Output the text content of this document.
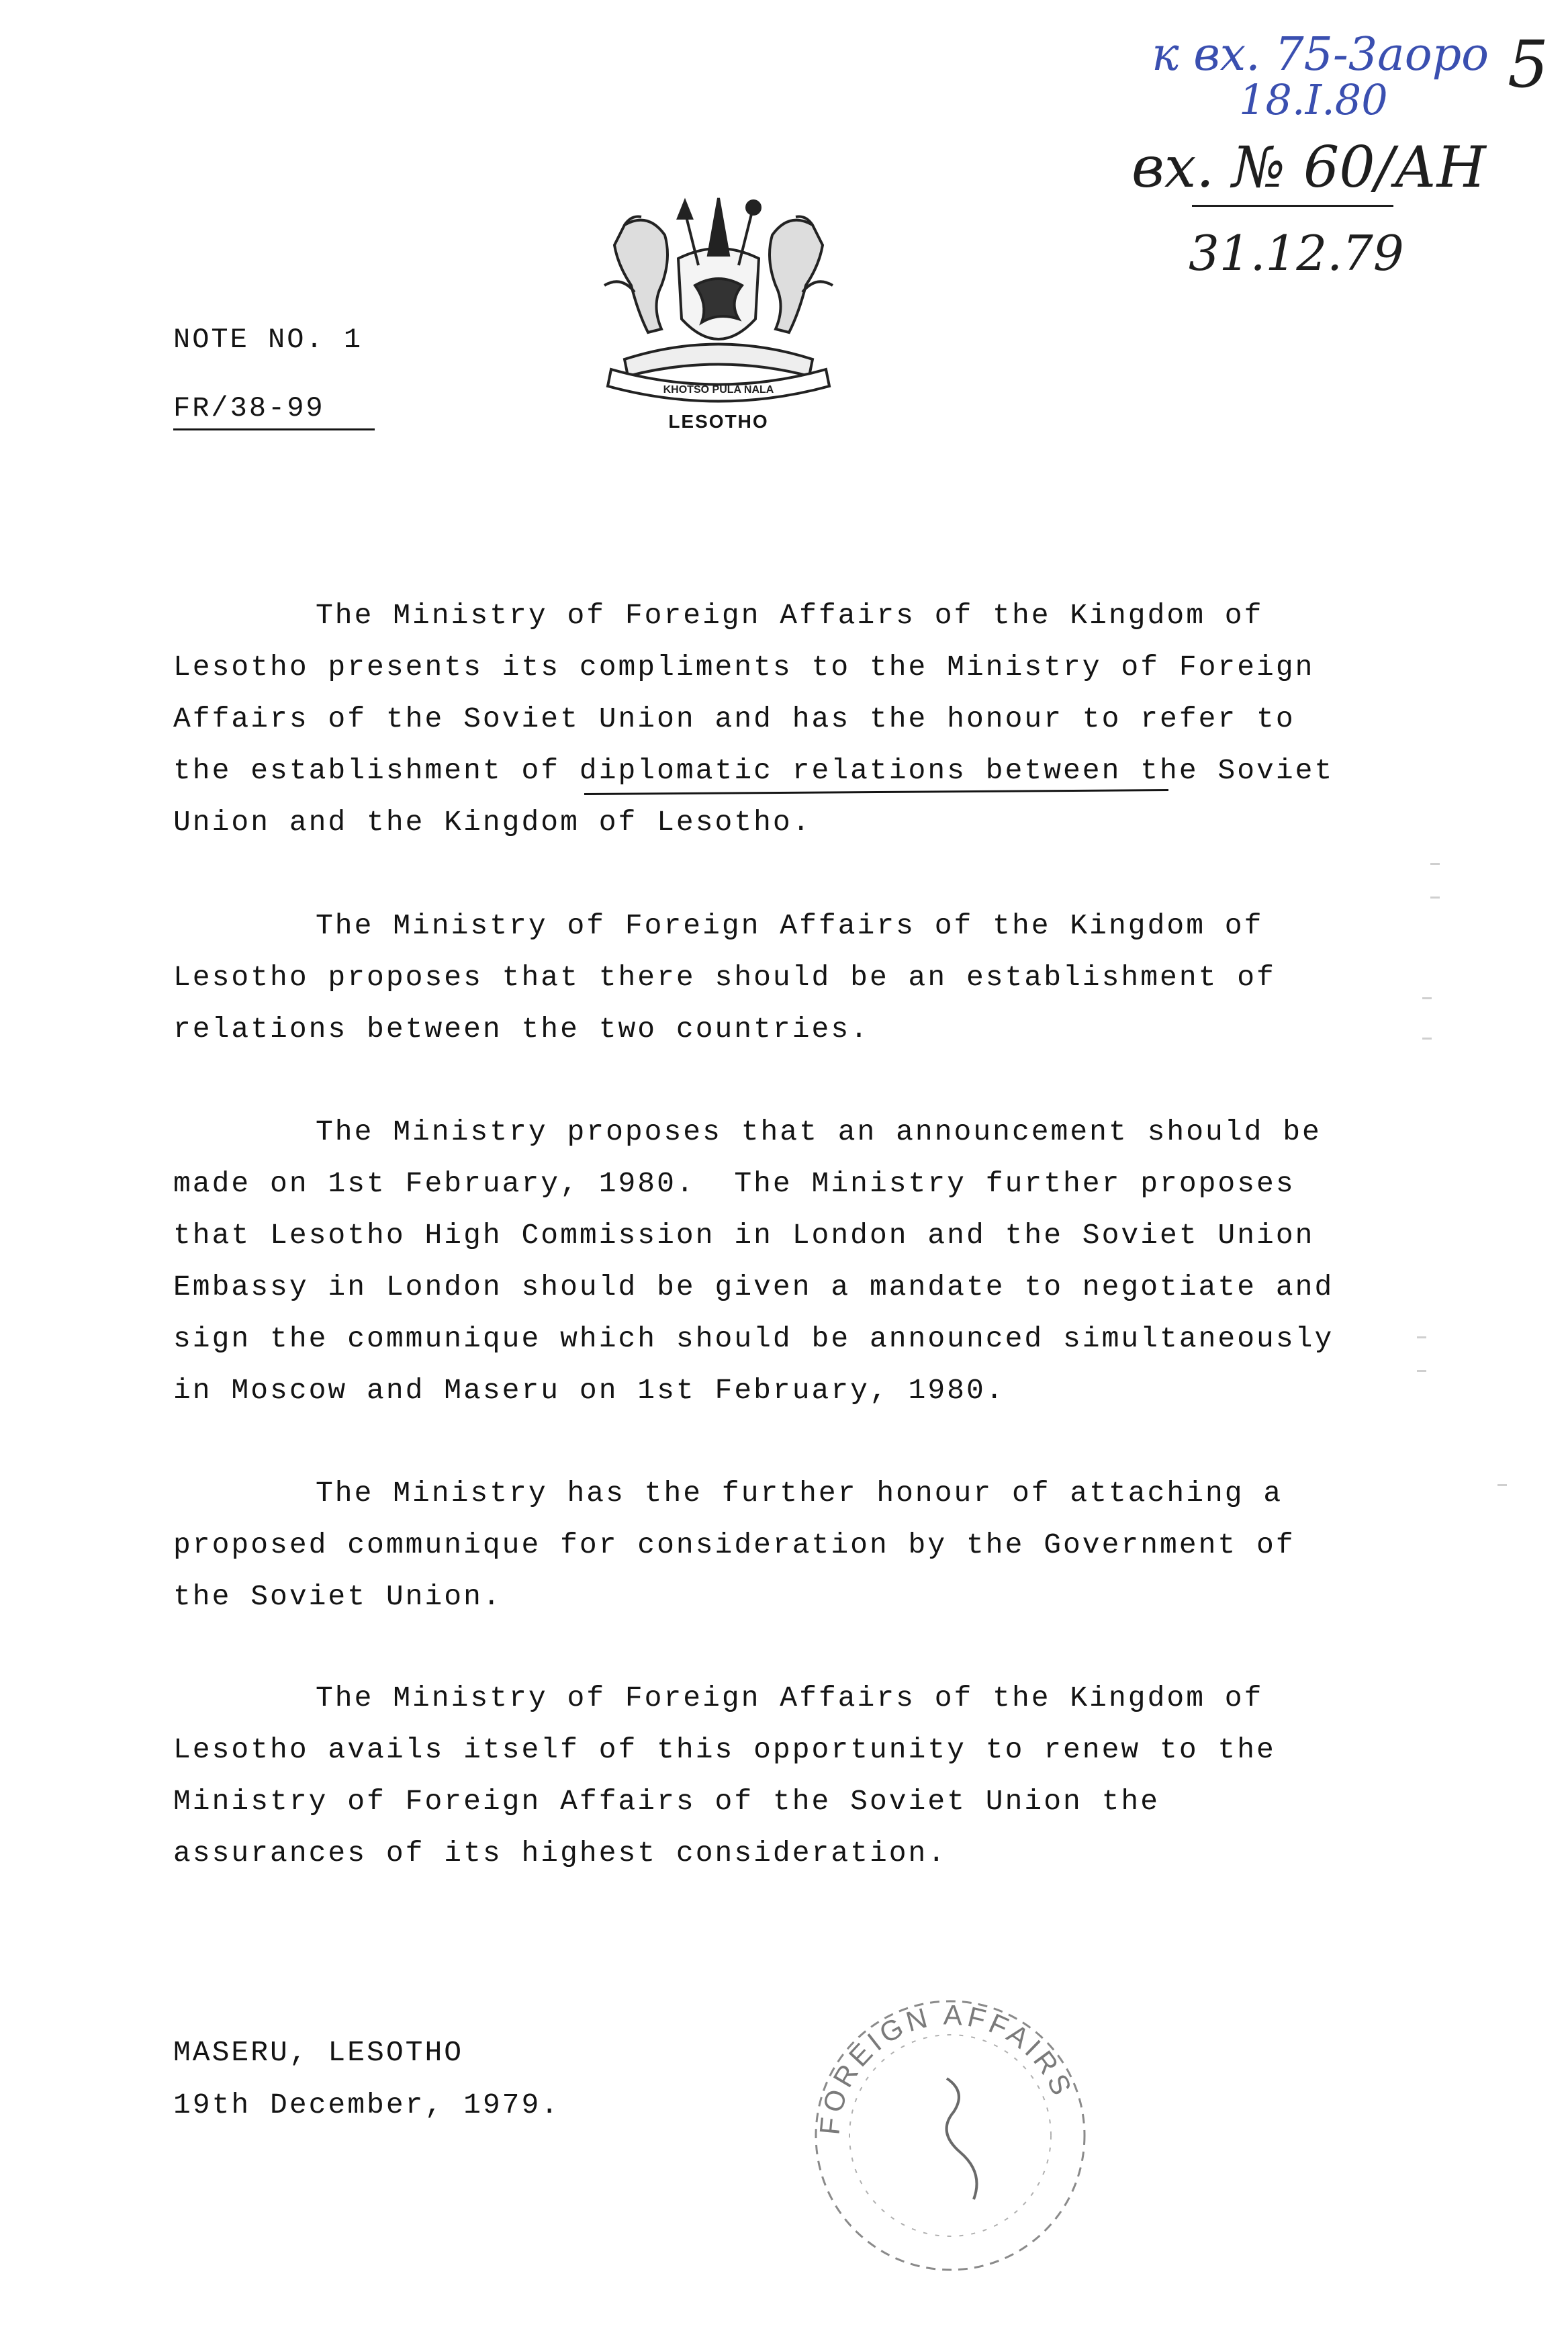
к вх. 75-3аоро
18.I.80
вх. № 60/АН
31.12.79
5
KHOTSO PULA NALA
LESOTHO
NOTE NO. 1
FR/38-99
The Ministry of Foreign Affairs of the Kingdom of
Lesotho presents its compliments to the Ministry of Foreign
Affairs of the Soviet Union and has the honour to refer to
the establishment of diplomatic relations between the Soviet
Union and the Kingdom of Lesotho.
The Ministry of Foreign Affairs of the Kingdom of
Lesotho proposes that there should be an establishment of
relations between the two countries.
The Ministry proposes that an announcement should be
made on 1st February, 1980.  The Ministry further proposes
that Lesotho High Commission in London and the Soviet Union
Embassy in London should be given a mandate to negotiate and
sign the communique which should be announced simultaneously
in Moscow and Maseru on 1st February, 1980.
The Ministry has the further honour of attaching a
proposed communique for consideration by the Government of
the Soviet Union.
The Ministry of Foreign Affairs of the Kingdom of
Lesotho avails itself of this opportunity to renew to the
Ministry of Foreign Affairs of the Soviet Union the
assurances of its highest consideration.
MASERU, LESOTHO
19th December, 1979.
FOREIGN AFFAIRS
